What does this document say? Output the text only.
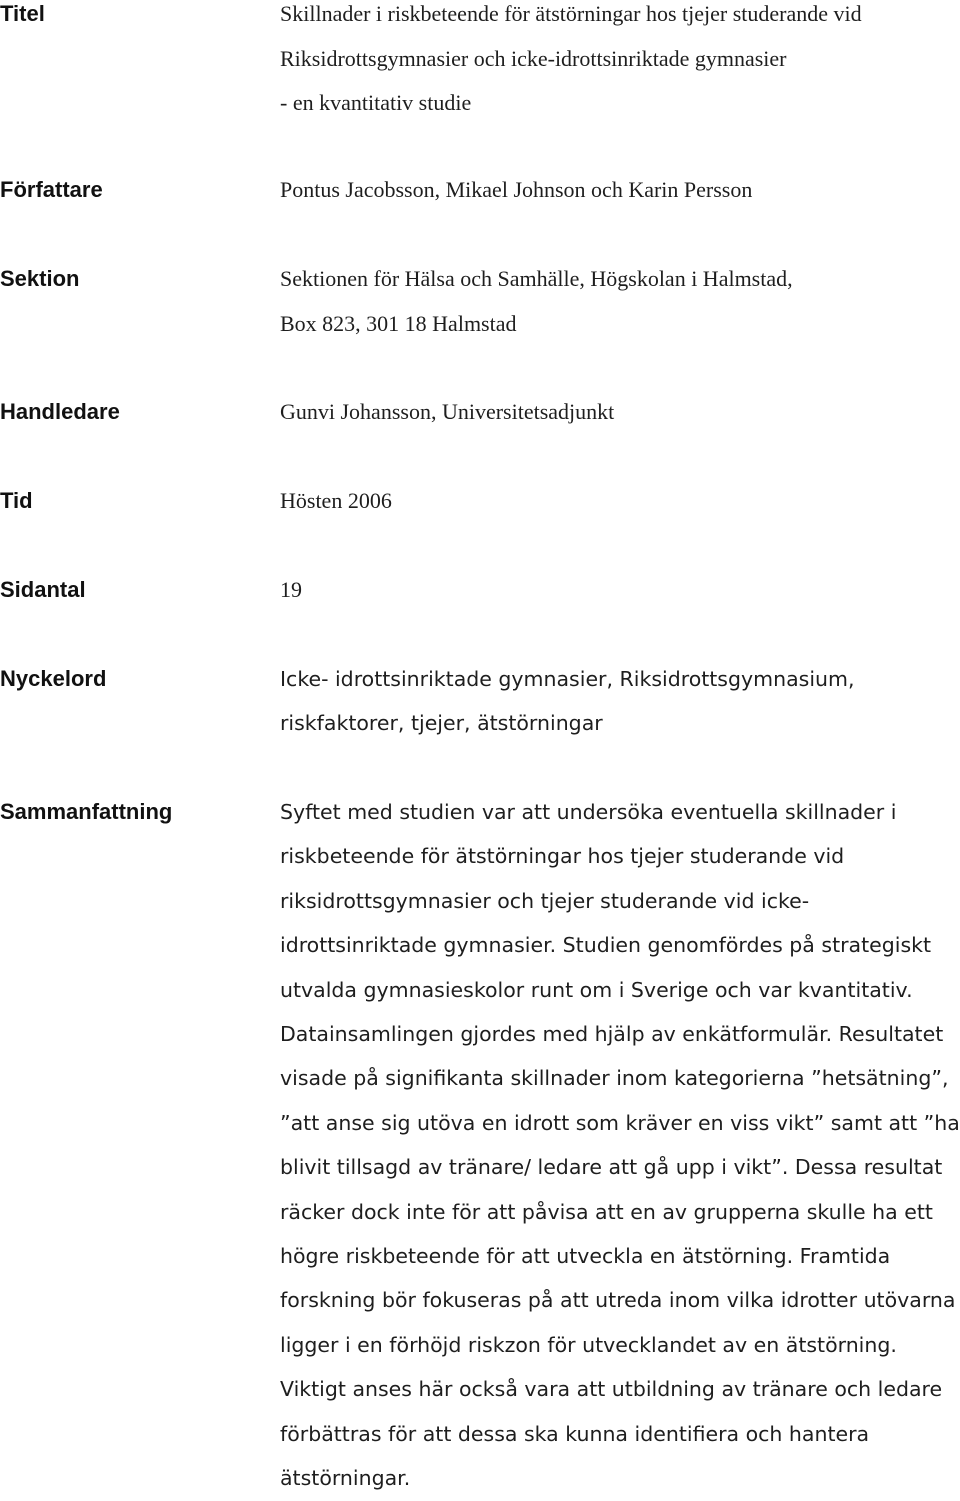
Titel	Skillnader i riskbeteende för ätstörningar hos tjejer studerande vid
Riksidrottsgymnasier och icke-idrottsinriktade gymnasier
- en kvantitativ studie
Författare	Pontus Jacobsson, Mikael Johnson och Karin Persson
Sektion	Sektionen för Hälsa och Samhälle, Högskolan i Halmstad,
Box 823, 301 18 Halmstad
Handledare	Gunvi Johansson, Universitetsadjunkt
Tid	Hösten 2006
Sidantal	19
Nyckelord	Icke- idrottsinriktade gymnasier, Riksidrottsgymnasium,
riskfaktorer, tjejer, ätstörningar
Sammanfattning	Syftet med studien var att undersöka eventuella skillnader i
riskbeteende för ätstörningar hos tjejer studerande vid
riksidrottsgymnasier och tjejer studerande vid icke-
idrottsinriktade gymnasier. Studien genomfördes på strategiskt
utvalda gymnasieskolor runt om i Sverige och var kvantitativ.
Datainsamlingen gjordes med hjälp av enkätformulär. Resultatet
visade på signifikanta skillnader inom kategorierna ”hetsätning”,
”att anse sig utöva en idrott som kräver en viss vikt” samt att ”ha
blivit tillsagd av tränare/ ledare att gå upp i vikt”. Dessa resultat
räcker dock inte för att påvisa att en av grupperna skulle ha ett
högre riskbeteende för att utveckla en ätstörning. Framtida
forskning bör fokuseras på att utreda inom vilka idrotter utövarna
ligger i en förhöjd riskzon för utvecklandet av en ätstörning.
Viktigt anses här också vara att utbildning av tränare och ledare
förbättras för att dessa ska kunna identifiera och hantera
ätstörningar.
